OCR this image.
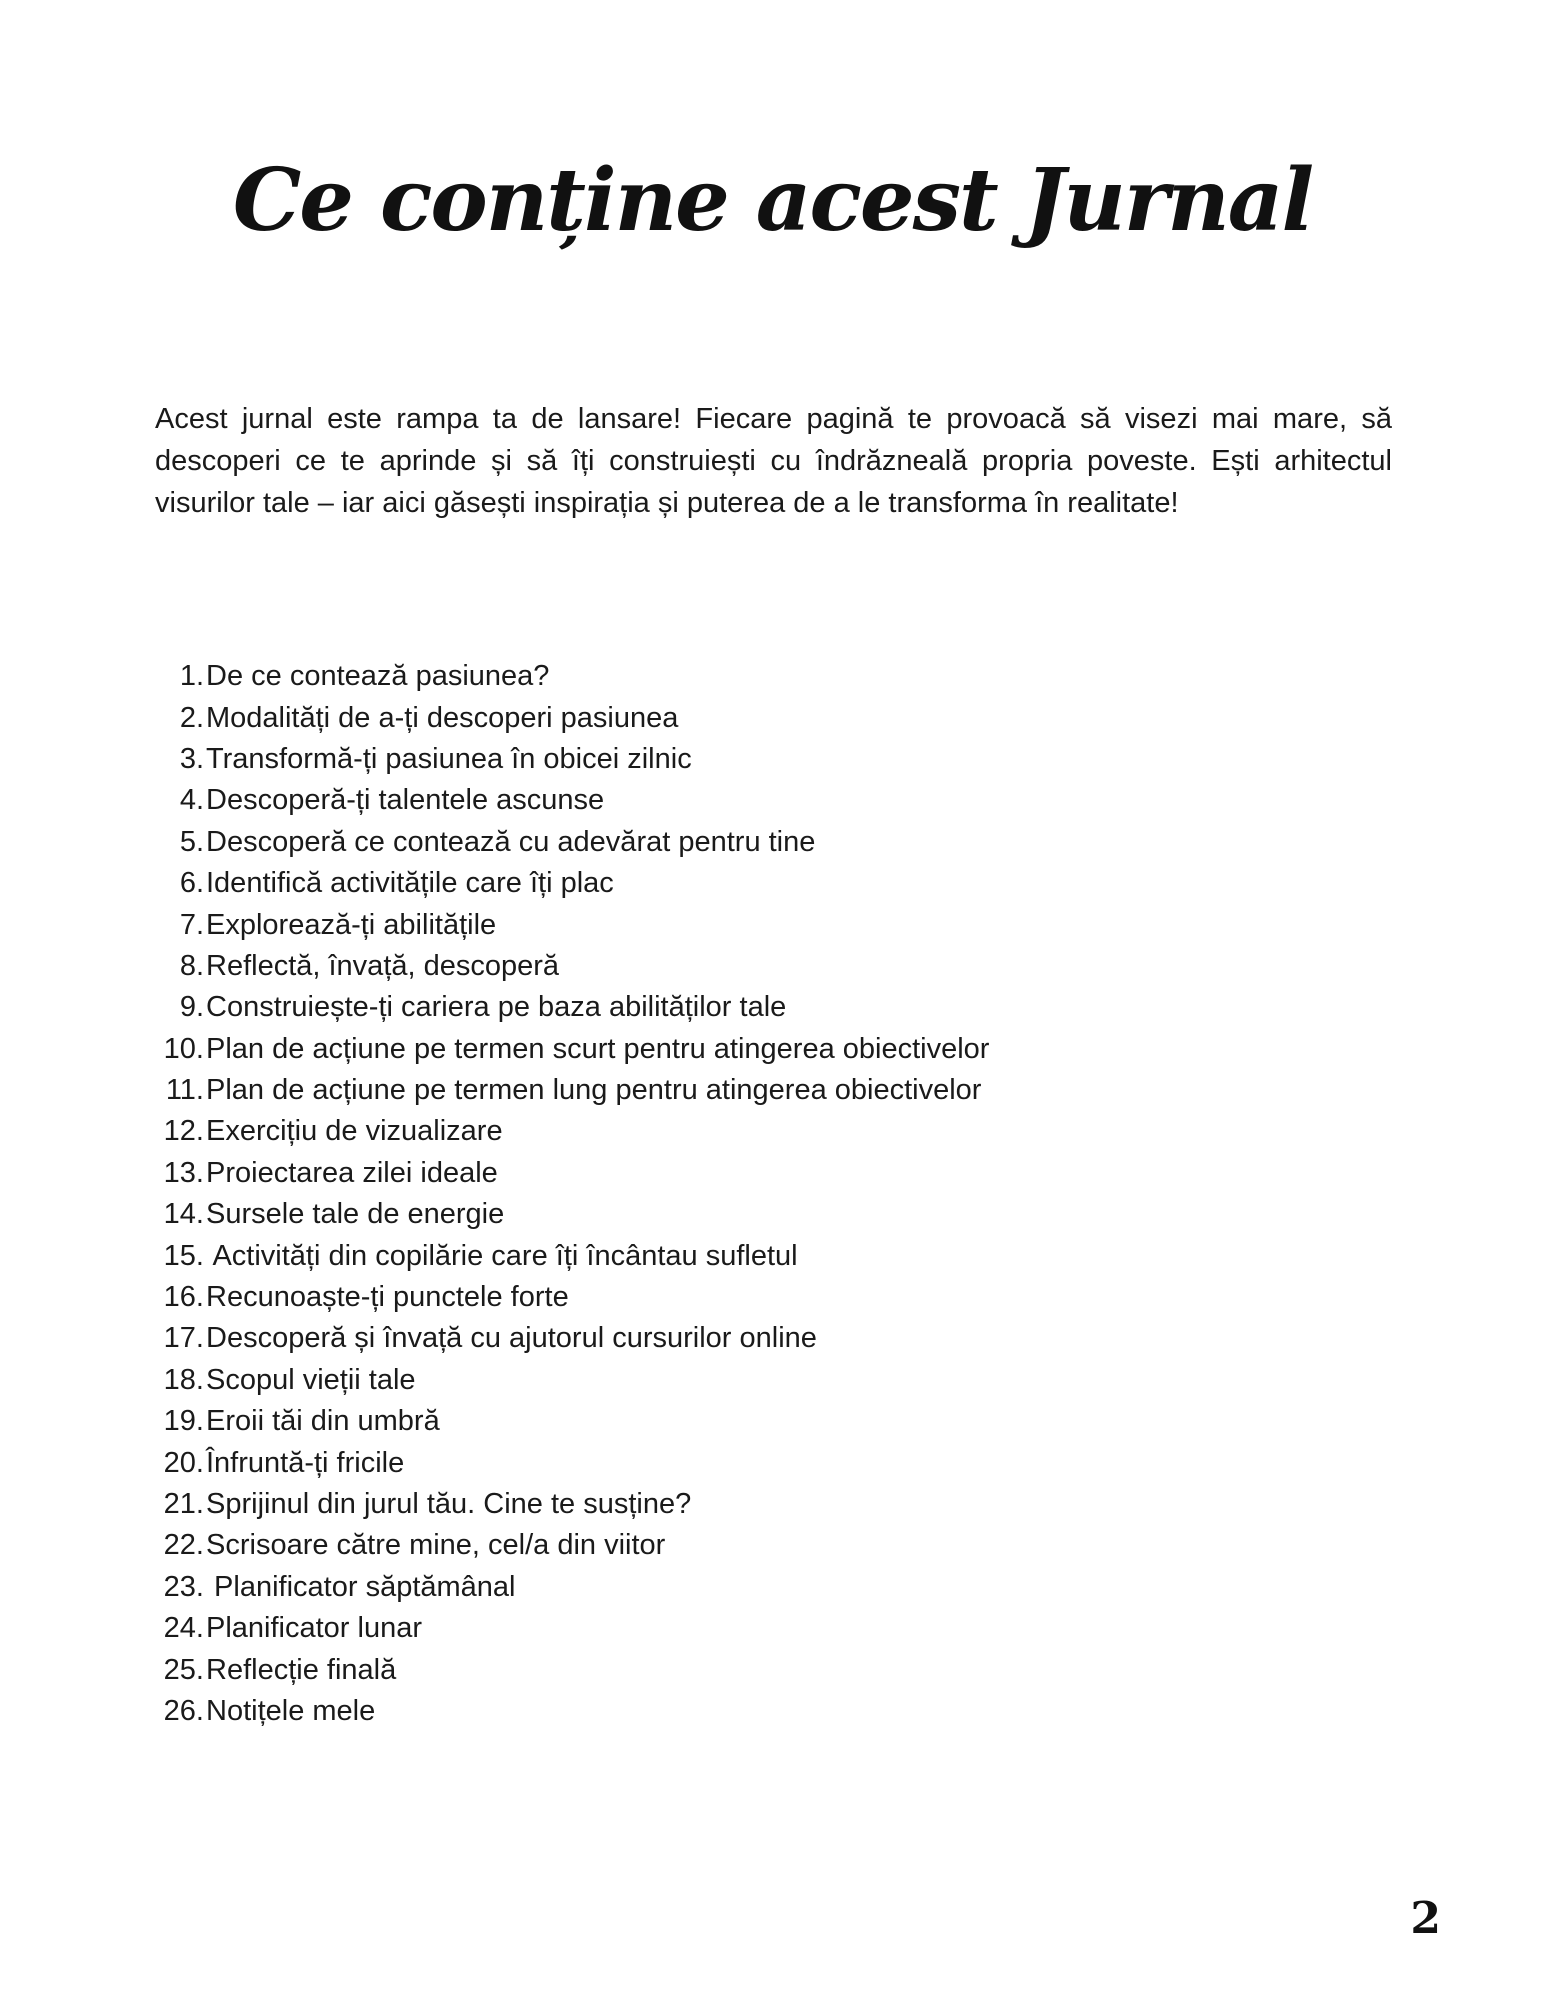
Ce conține acest Jurnal

Acest jurnal este rampa ta de lansare! Fiecare pagină te provoacă să visezi mai mare, să descoperi ce te aprinde și să îți construiești cu îndrăzneală propria poveste. Ești arhitectul visurilor tale – iar aici găsești inspirația și puterea de a le transforma în realitate!

1. De ce contează pasiunea?
2. Modalități de a-ți descoperi pasiunea
3. Transformă-ți pasiunea în obicei zilnic
4. Descoperă-ți talentele ascunse
5. Descoperă ce contează cu adevărat pentru tine
6. Identifică activitățile care îți plac
7. Explorează-ți abilitățile
8. Reflectă, învață, descoperă
9. Construiește-ți cariera pe baza abilităților tale
10. Plan de acțiune pe termen scurt pentru atingerea obiectivelor
11. Plan de acțiune pe termen lung pentru atingerea obiectivelor
12. Exercițiu de vizualizare
13. Proiectarea zilei ideale
14. Sursele tale de energie
15. Activități din copilărie care îți încântau sufletul
16. Recunoaște-ți punctele forte
17. Descoperă și învață cu ajutorul cursurilor online
18. Scopul vieții tale
19. Eroii tăi din umbră
20. Înfruntă-ți fricile
21. Sprijinul din jurul tău. Cine te susține?
22. Scrisoare către mine, cel/a din viitor
23. Planificator săptămânal
24. Planificator lunar
25. Reflecție finală
26. Notițele mele
2
